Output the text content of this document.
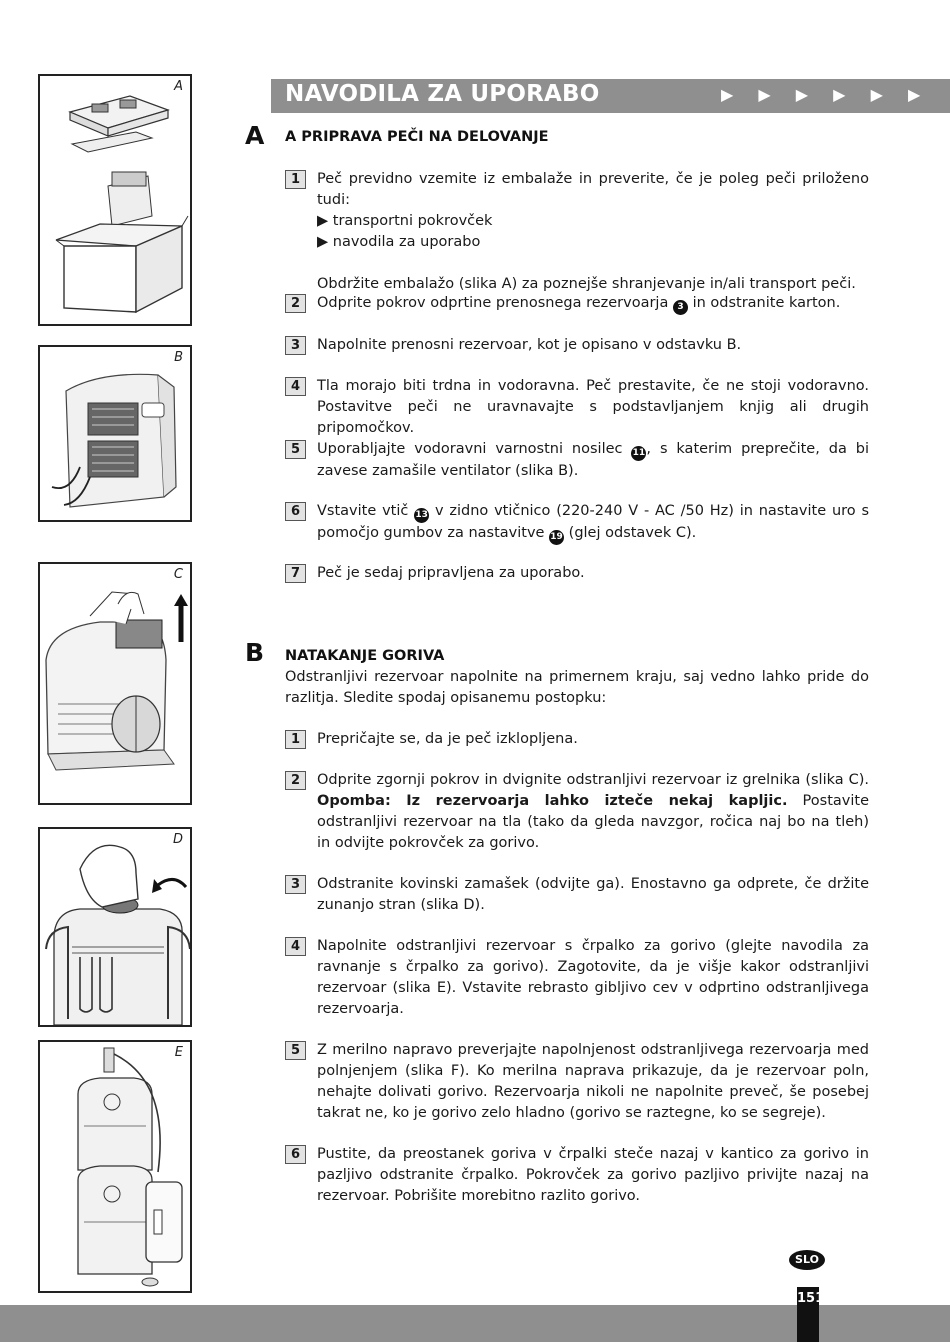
A
B
C
D
E
NAVODILA ZA UPORABO	▶ ▶ ▶ ▶ ▶ ▶
A A PRIPRAVA PEČI NA DELOVANJE
1	Peč previdno vzemite iz embalaže in preverite, če je poleg peči priloženo tudi:
▶ transportni pokrovček
▶ navodila za uporabo
Obdržite embalažo (slika A) za poznejše shranjevanje in/ali transport peči.
2	Odprite pokrov odprtine prenosnega rezervoarja 3 in odstranite karton.
3	Napolnite prenosni rezervoar, kot je opisano v odstavku B.
4	Tla morajo biti trdna in vodoravna. Peč prestavite, če ne stoji vodoravno. Postavitve peči ne uravnavajte s podstavljanjem knjig ali drugih pripomočkov.
5	Uporabljajte vodoravni varnostni nosilec 11, s katerim preprečite, da bi zavese zamašile ventilator (slika B).
6	Vstavite vtič 13 v zidno vtičnico (220-240 V - AC /50 Hz) in nastavite uro s pomočjo gumbov za nastavitve 19 (glej odstavek C).
7	Peč je sedaj pripravljena za uporabo.
B NATAKANJE GORIVA
Odstranljivi rezervoar napolnite na primernem kraju, saj vedno lahko pride do razlitja. Sledite spodaj opisanemu postopku:
1	Prepričajte se, da je peč izklopljena.
2	Odprite zgornji pokrov in dvignite odstranljivi rezervoar iz grelnika (slika C). Opomba: Iz rezervoarja lahko izteče nekaj kapljic. Postavite odstranljivi rezervoar na tla (tako da gleda navzgor, ročica naj bo na tleh) in odvijte pokrovček za gorivo.
3	Odstranite kovinski zamašek (odvijte ga). Enostavno ga odprete, če držite zunanjo stran (slika D).
4	Napolnite odstranljivi rezervoar s črpalko za gorivo (glejte navodila za ravnanje s črpalko za gorivo). Zagotovite, da je višje kakor odstranljivi rezervoar (slika E). Vstavite rebrasto gibljivo cev v odprtino odstranljivega rezervoarja.
5	Z merilno napravo preverjajte napolnjenost odstranljivega rezervoarja med polnjenjem (slika F). Ko merilna naprava prikazuje, da je rezervoar poln, nehajte dolivati gorivo. Rezervoarja nikoli ne napolnite preveč, še posebej takrat ne, ko je gorivo zelo hladno (gorivo se raztegne, ko se segreje).
6	Pustite, da preostanek goriva v črpalki steče nazaj v kantico za gorivo in pazljivo odstranite črpalko. Pokrovček za gorivo pazljivo privijte nazaj na rezervoar. Pobrišite morebitno razlito gorivo.
SLO
151
